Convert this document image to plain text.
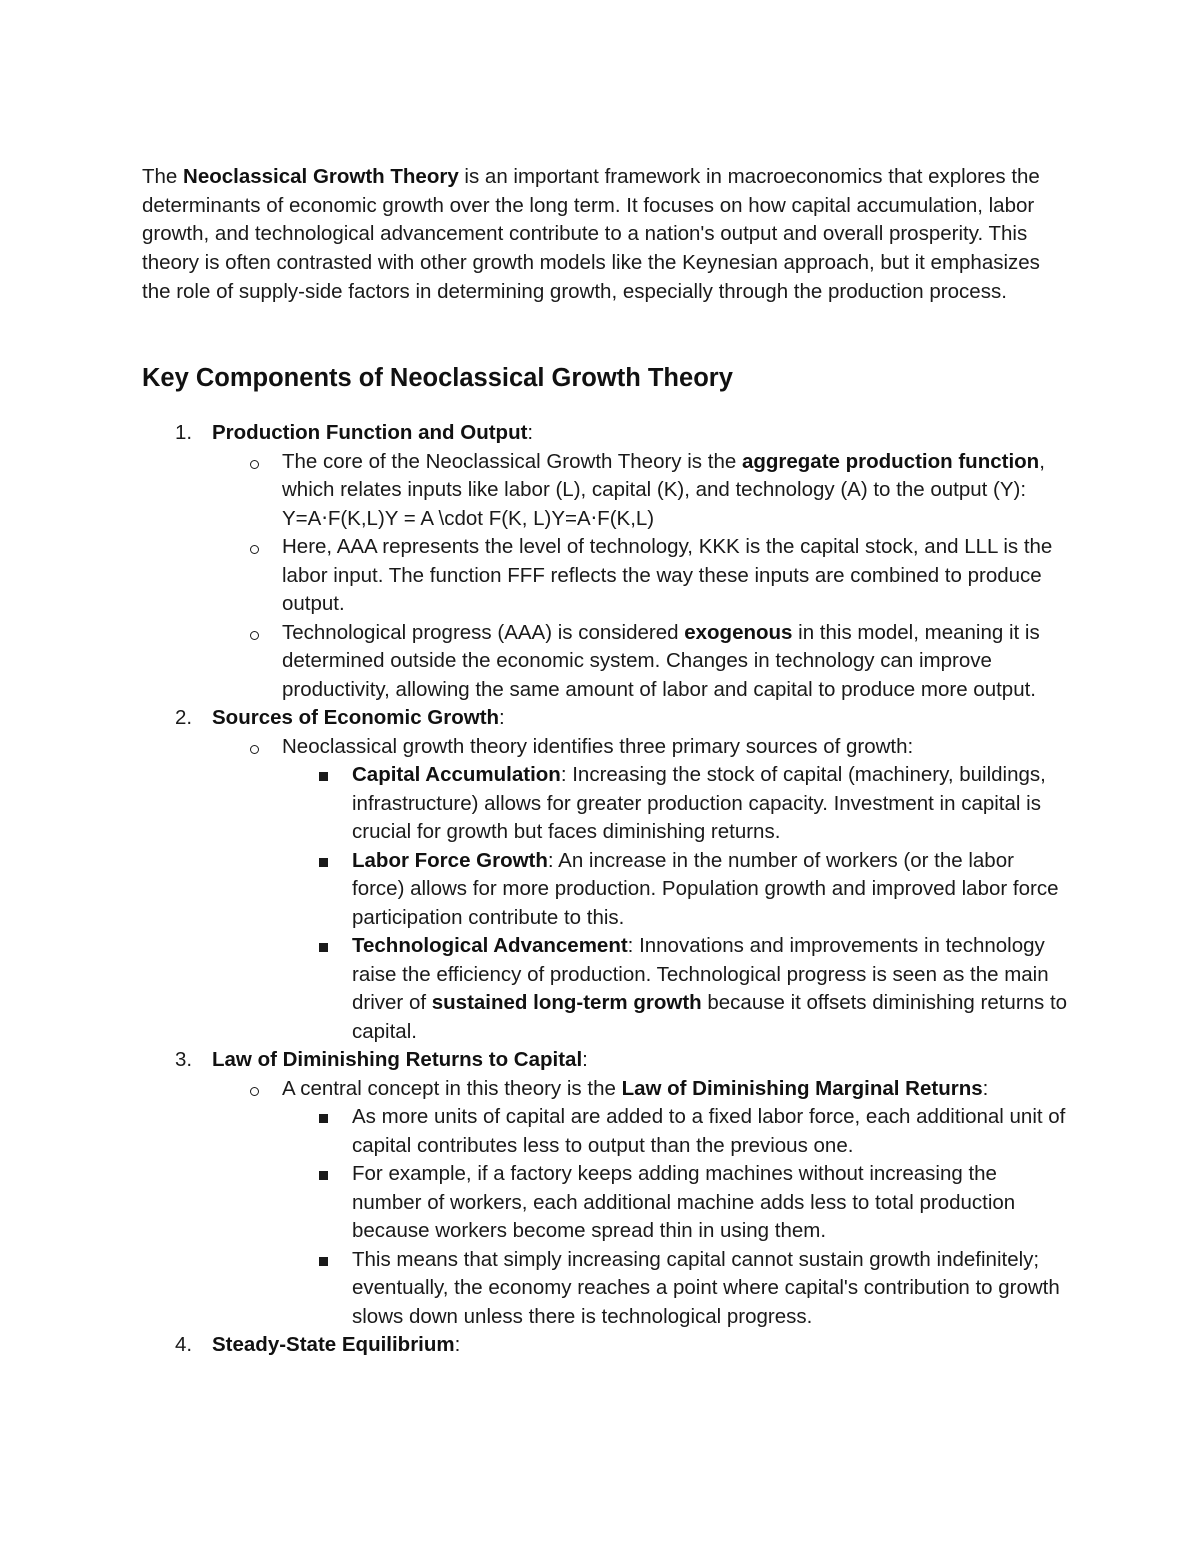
The Neoclassical Growth Theory is an important framework in macroeconomics that explores the determinants of economic growth over the long term. It focuses on how capital accumulation, labor growth, and technological advancement contribute to a nation's output and overall prosperity. This theory is often contrasted with other growth models like the Keynesian approach, but it emphasizes the role of supply-side factors in determining growth, especially through the production process.

Key Components of Neoclassical Growth Theory
1. Production Function and Output:
The core of the Neoclassical Growth Theory is the aggregate production function, which relates inputs like labor (L), capital (K), and technology (A) to the output (Y): Y=A⋅F(K,L)Y = A \cdot F(K, L)Y=A⋅F(K,L)
Here, AAA represents the level of technology, KKK is the capital stock, and LLL is the labor input. The function FFF reflects the way these inputs are combined to produce output.
Technological progress (AAA) is considered exogenous in this model, meaning it is determined outside the economic system. Changes in technology can improve productivity, allowing the same amount of labor and capital to produce more output.
2. Sources of Economic Growth:
Neoclassical growth theory identifies three primary sources of growth:
Capital Accumulation: Increasing the stock of capital (machinery, buildings, infrastructure) allows for greater production capacity. Investment in capital is crucial for growth but faces diminishing returns.
Labor Force Growth: An increase in the number of workers (or the labor force) allows for more production. Population growth and improved labor force participation contribute to this.
Technological Advancement: Innovations and improvements in technology raise the efficiency of production. Technological progress is seen as the main driver of sustained long-term growth because it offsets diminishing returns to capital.
3. Law of Diminishing Returns to Capital:
A central concept in this theory is the Law of Diminishing Marginal Returns:
As more units of capital are added to a fixed labor force, each additional unit of capital contributes less to output than the previous one.
For example, if a factory keeps adding machines without increasing the number of workers, each additional machine adds less to total production because workers become spread thin in using them.
This means that simply increasing capital cannot sustain growth indefinitely; eventually, the economy reaches a point where capital's contribution to growth slows down unless there is technological progress.
4. Steady-State Equilibrium:
